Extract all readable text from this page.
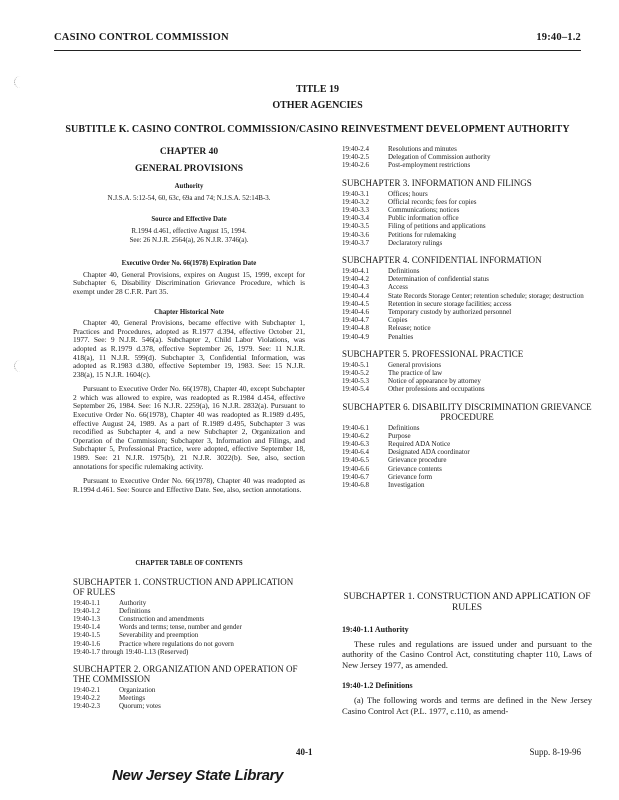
CASINO CONTROL COMMISSION	19:40–1.2
TITLE 19
OTHER AGENCIES
SUBTITLE K. CASINO CONTROL COMMISSION/CASINO REINVESTMENT DEVELOPMENT AUTHORITY
CHAPTER 40
GENERAL PROVISIONS
Authority
N.J.S.A. 5:12-54, 60, 63c, 69a and 74; N.J.S.A. 52:14B-3.
Source and Effective Date
R.1994 d.461, effective August 15, 1994.
See: 26 N.J.R. 2564(a), 26 N.J.R. 3746(a).
Executive Order No. 66(1978) Expiration Date

Chapter 40, General Provisions, expires on August 15, 1999, except for Subchapter 6, Disability Discrimination Grievance Procedure, which is exempt under 28 C.F.R. Part 35.

Chapter Historical Note

Chapter 40, General Provisions, became effective with Subchapter 1, Practices and Procedures, adopted as R.1977 d.394, effective October 21, 1977. See: 9 N.J.R. 546(a). Subchapter 2, Child Labor Violations, was adopted as R.1979 d.378, effective September 26, 1979. See: 11 N.J.R. 418(a), 11 N.J.R. 599(d). Subchapter 3, Confidential Information, was adopted as R.1983 d.380, effective September 19, 1983. See: 15 N.J.R. 238(a), 15 N.J.R. 1604(c).

Pursuant to Executive Order No. 66(1978), Chapter 40, except Subchapter 2 which was allowed to expire, was readopted as R.1984 d.454, effective September 26, 1984. See: 16 N.J.R. 2259(a), 16 N.J.R. 2832(a). Pursuant to Executive Order No. 66(1978), Chapter 40 was readopted as R.1989 d.495, effective August 24, 1989. As a part of R.1989 d.495, Subchapter 3 was recodified as Subchapter 4, and a new Subchapter 2, Organization and Operation of the Commission; Subchapter 3, Information and Filings, and Subchapter 5, Professional Practice, were adopted, effective September 18, 1989. See: 21 N.J.R. 1975(b), 21 N.J.R. 3022(b). See, also, section annotations for specific rulemaking activity.

Pursuant to Executive Order No. 66(1978), Chapter 40 was readopted as R.1994 d.461. See: Source and Effective Date. See, also, section annotations.

CHAPTER TABLE OF CONTENTS
SUBCHAPTER 1. CONSTRUCTION AND APPLICATION OF RULES
19:40-1.1	Authority
19:40-1.2	Definitions
19:40-1.3	Construction and amendments
19:40-1.4	Words and terms; tense, number and gender
19:40-1.5	Severability and preemption
19:40-1.6	Practice where regulations do not govern
19:40-1.7 through 19:40-1.13 (Reserved)
SUBCHAPTER 2. ORGANIZATION AND OPERATION OF THE COMMISSION
19:40-2.1	Organization
19:40-2.2	Meetings
19:40-2.3	Quorum; votes
19:40-2.4	Resolutions and minutes
19:40-2.5	Delegation of Commission authority
19:40-2.6	Post-employment restrictions
SUBCHAPTER 3. INFORMATION AND FILINGS
19:40-3.1	Offices; hours
19:40-3.2	Official records; fees for copies
19:40-3.3	Communications; notices
19:40-3.4	Public information office
19:40-3.5	Filing of petitions and applications
19:40-3.6	Petitions for rulemaking
19:40-3.7	Declaratory rulings
SUBCHAPTER 4. CONFIDENTIAL INFORMATION
19:40-4.1	Definitions
19:40-4.2	Determination of confidential status
19:40-4.3	Access
19:40-4.4	State Records Storage Center; retention schedule; storage; destruction
19:40-4.5	Retention in secure storage facilities; access
19:40-4.6	Temporary custody by authorized personnel
19:40-4.7	Copies
19:40-4.8	Release; notice
19:40-4.9	Penalties
SUBCHAPTER 5. PROFESSIONAL PRACTICE
19:40-5.1	General provisions
19:40-5.2	The practice of law
19:40-5.3	Notice of appearance by attorney
19:40-5.4	Other professions and occupations
SUBCHAPTER 6. DISABILITY DISCRIMINATION GRIEVANCE PROCEDURE
19:40-6.1	Definitions
19:40-6.2	Purpose
19:40-6.3	Required ADA Notice
19:40-6.4	Designated ADA coordinator
19:40-6.5	Grievance procedure
19:40-6.6	Grievance contents
19:40-6.7	Grievance form
19:40-6.8	Investigation
SUBCHAPTER 1. CONSTRUCTION AND APPLICATION OF RULES
19:40-1.1 Authority

These rules and regulations are issued under and pursuant to the authority of the Casino Control Act, constituting chapter 110, Laws of New Jersey 1977, as amended.

19:40-1.2 Definitions

(a) The following words and terms are defined in the New Jersey Casino Control Act (P.L. 1977, c.110, as amend-

40-1	Supp. 8-19-96
New Jersey State Library
